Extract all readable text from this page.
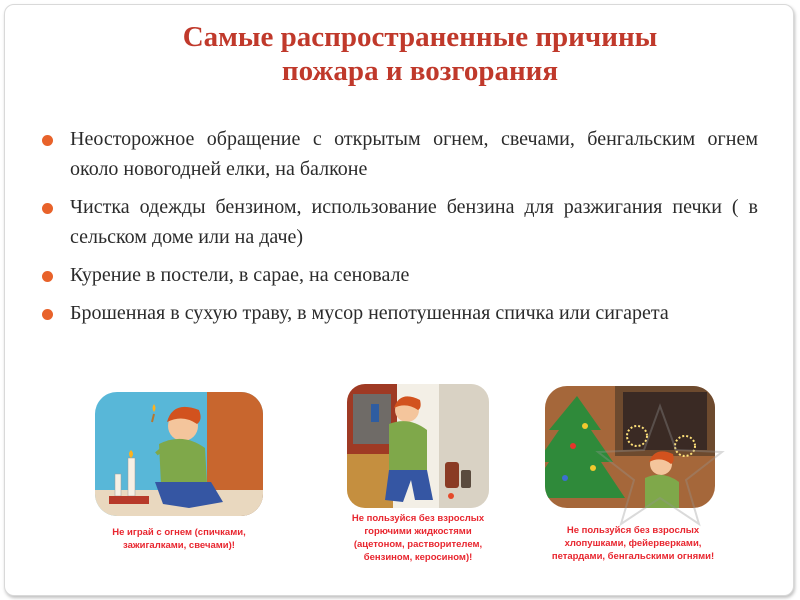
Самые распространенные причины
пожара и возгорания
Неосторожное обращение с открытым огнем, свечами, бенгальским огнем около новогодней елки, на балконе
Чистка одежды бензином, использование бензина для разжигания печки ( в сельском доме или на даче)
Курение в постели, в сарае, на сеновале
Брошенная в сухую траву, в мусор непотушенная спичка или сигарета
Не играй с огнем (спичками,
зажигалками, свечами)!
Не пользуйся без взрослых
горючими жидкостями
(ацетоном, растворителем,
бензином, керосином)!
Не пользуйся без взрослых
хлопушками, фейерверками,
петардами, бенгальскими огнями!
